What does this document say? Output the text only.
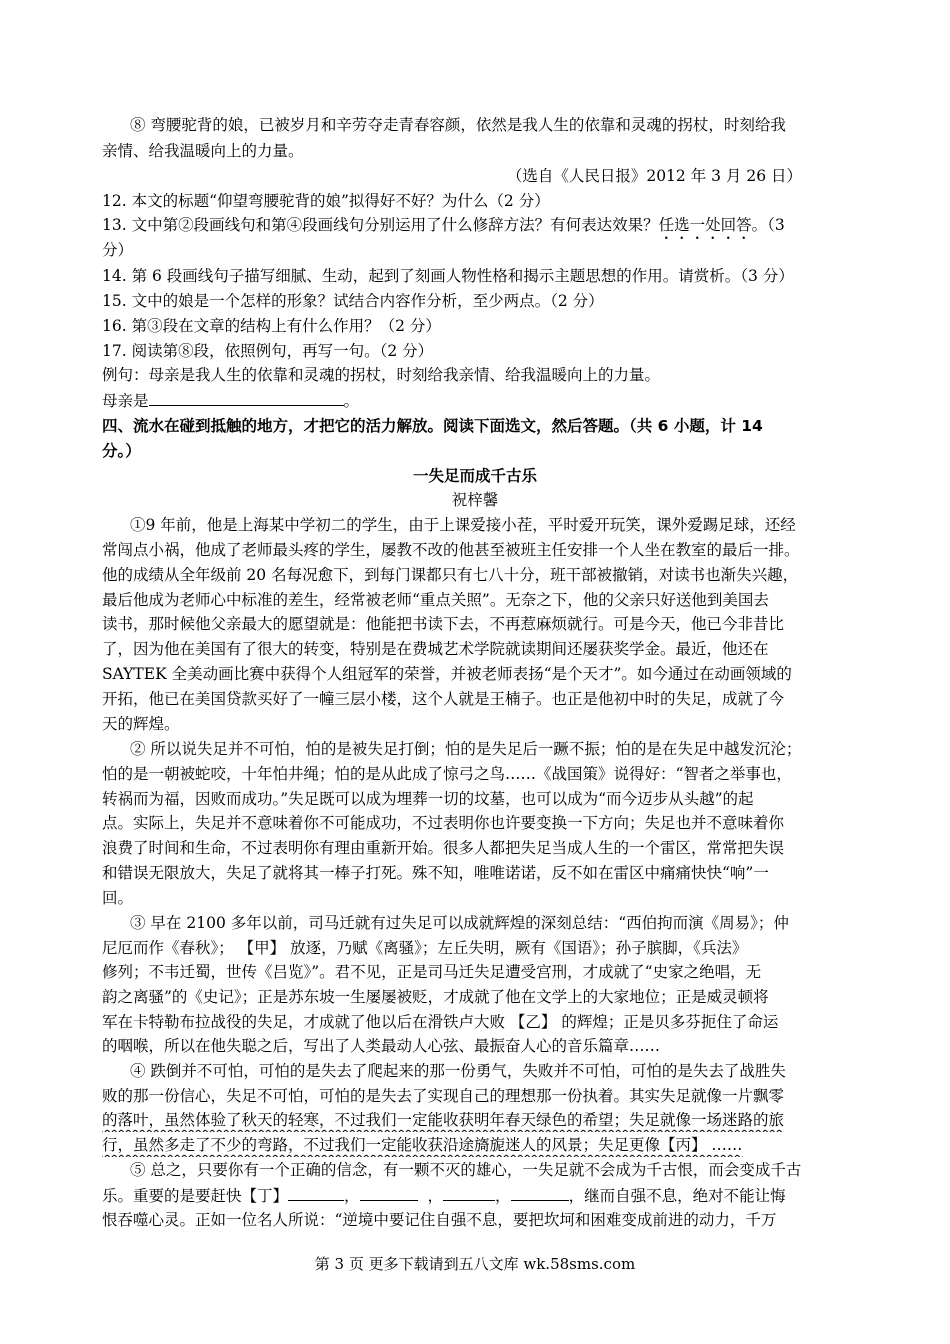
⑧ 弯腰驼背的娘，已被岁月和辛劳夺走青春容颜，依然是我人生的依靠和灵魂的拐杖，时刻给我
亲情、给我温暖向上的力量。
（选自《人民日报》2012 年 3 月 26 日）
12. 本文的标题“仰望弯腰驼背的娘”拟得好不好？为什么（2 分）
13. 文中第②段画线句和第④段画线句分别运用了什么修辞方法？有何表达效果？任选一处回答。（3
分）
14. 第 6 段画线句子描写细腻、生动，起到了刻画人物性格和揭示主题思想的作用。请赏析。（3 分）
15. 文中的娘是一个怎样的形象？试结合内容作分析，至少两点。（2 分）
16. 第③段在文章的结构上有什么作用？（2 分）
17. 阅读第⑧段，依照例句，再写一句。（2 分）
例句：母亲是我人生的依靠和灵魂的拐杖，时刻给我亲情、给我温暖向上的力量。
母亲是	。
四、流水在碰到抵触的地方，才把它的活力解放。阅读下面选文，然后答题。（共 6 小题，计 14
分。）
一失足而成千古乐
祝梓馨
①9 年前，他是上海某中学初二的学生，由于上课爱接小茬，平时爱开玩笑，课外爱踢足球，还经
常闯点小祸，他成了老师最头疼的学生，屡教不改的他甚至被班主任安排一个人坐在教室的最后一排。
他的成绩从全年级前 20 名每况愈下，到每门课都只有七八十分，班干部被撤销，对读书也渐失兴趣，
最后他成为老师心中标准的差生，经常被老师“重点关照”。无奈之下，他的父亲只好送他到美国去
读书，那时候他父亲最大的愿望就是：他能把书读下去，不再惹麻烦就行。可是今天，他已今非昔比
了，因为他在美国有了很大的转变，特别是在费城艺术学院就读期间还屡获奖学金。最近，他还在
SAYTEK 全美动画比赛中获得个人组冠军的荣誉，并被老师表扬“是个天才”。如今通过在动画领域的
开拓，他已在美国贷款买好了一幢三层小楼，这个人就是王楠子。也正是他初中时的失足，成就了今
天的辉煌。
② 所以说失足并不可怕，怕的是被失足打倒；怕的是失足后一蹶不振；怕的是在失足中越发沉沦；
怕的是一朝被蛇咬，十年怕井绳；怕的是从此成了惊弓之鸟……《战国策》说得好：“智者之举事也，
转祸而为福，因败而成功。”失足既可以成为埋葬一切的坟墓，也可以成为“而今迈步从头越”的起
点。实际上，失足并不意味着你不可能成功，不过表明你也许要变换一下方向；失足也并不意味着你
浪费了时间和生命，不过表明你有理由重新开始。很多人都把失足当成人生的一个雷区，常常把失误
和错误无限放大，失足了就将其一棒子打死。殊不知，唯唯诺诺，反不如在雷区中痛痛快快“响”一
回。
③ 早在 2100 多年以前，司马迁就有过失足可以成就辉煌的深刻总结：“西伯拘而演《周易》；仲
尼厄而作《春秋》； 【甲】 放逐，乃赋《离骚》；左丘失明，厥有《国语》；孙子膑脚，《兵法》
修列；不韦迁蜀，世传《吕览》”。君不见，正是司马迁失足遭受宫刑，才成就了“史家之绝唱，无
韵之离骚”的《史记》；正是苏东坡一生屡屡被贬，才成就了他在文学上的大家地位；正是威灵顿将
军在卡特勒布拉战役的失足，才成就了他以后在滑铁卢大败 【乙】 的辉煌；正是贝多芬扼住了命运
的咽喉，所以在他失聪之后，写出了人类最动人心弦、最振奋人心的音乐篇章……
④ 跌倒并不可怕，可怕的是失去了爬起来的那一份勇气，失败并不可怕，可怕的是失去了战胜失
败的那一份信心，失足不可怕，可怕的是失去了实现自己的理想那一份执着。其实失足就像一片飘零
的落叶，虽然体验了秋天的轻寒，不过我们一定能收获明年春天绿色的希望；失足就像一场迷路的旅
行，虽然多走了不少的弯路，不过我们一定能收获沿途旖旎迷人的风景；失足更像【丙】 ……
⑤ 总之，只要你有一个正确的信念，有一颗不灭的雄心，一失足就不会成为千古恨，而会变成千古
乐。重要的是要赶快【丁】	，	，	，	，继而自强不息，绝对不能让悔
恨吞噬心灵。正如一位名人所说：“逆境中要记住自强不息，要把坎坷和困难变成前进的动力，千万
第 3 页 更多下载请到五八文库 wk.58sms.com
